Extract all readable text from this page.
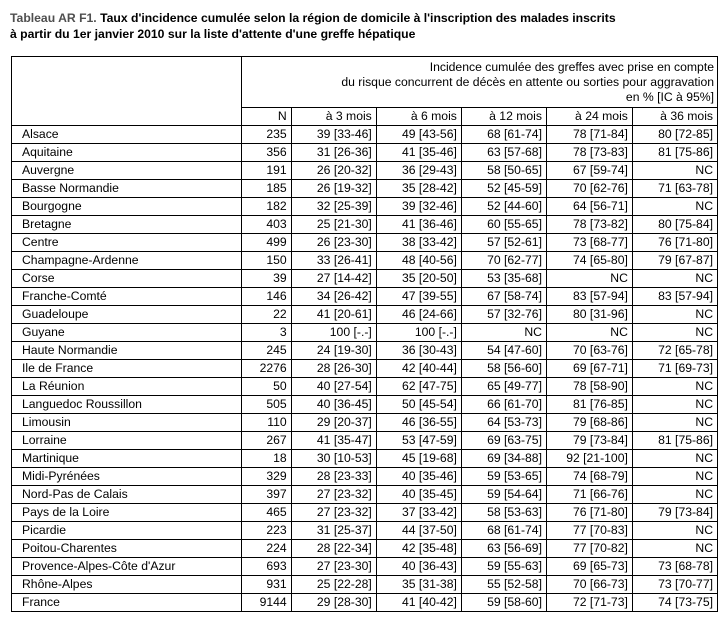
Tableau AR F1. Taux d'incidence cumulée selon la région de domicile à l'inscription des malades inscrits
à partir du 1er janvier 2010 sur la liste d'attente d'une greffe hépatique
	Incidence cumulée des greffes avec prise en compte
du risque concurrent de décès en attente ou sorties pour aggravation
en % [IC à 95%]					
	N	à 3 mois	à 6 mois	à 12 mois	à 24 mois	à 36 mois
Alsace	235	39 [33-46]	49 [43-56]	68 [61-74]	78 [71-84]	80 [72-85]
Aquitaine	356	31 [26-36]	41 [35-46]	63 [57-68]	78 [73-83]	81 [75-86]
Auvergne	191	26 [20-32]	36 [29-43]	58 [50-65]	67 [59-74]	NC
Basse Normandie	185	26 [19-32]	35 [28-42]	52 [45-59]	70 [62-76]	71 [63-78]
Bourgogne	182	32 [25-39]	39 [32-46]	52 [44-60]	64 [56-71]	NC
Bretagne	403	25 [21-30]	41 [36-46]	60 [55-65]	78 [73-82]	80 [75-84]
Centre	499	26 [23-30]	38 [33-42]	57 [52-61]	73 [68-77]	76 [71-80]
Champagne-Ardenne	150	33 [26-41]	48 [40-56]	70 [62-77]	74 [65-80]	79 [67-87]
Corse	39	27 [14-42]	35 [20-50]	53 [35-68]	NC	NC
Franche-Comté	146	34 [26-42]	47 [39-55]	67 [58-74]	83 [57-94]	83 [57-94]
Guadeloupe	22	41 [20-61]	46 [24-66]	57 [32-76]	80 [31-96]	NC
Guyane	3	100 [-.-]	100 [-.-]	NC	NC	NC
Haute Normandie	245	24 [19-30]	36 [30-43]	54 [47-60]	70 [63-76]	72 [65-78]
Ile de France	2276	28 [26-30]	42 [40-44]	58 [56-60]	69 [67-71]	71 [69-73]
La Réunion	50	40 [27-54]	62 [47-75]	65 [49-77]	78 [58-90]	NC
Languedoc Roussillon	505	40 [36-45]	50 [45-54]	66 [61-70]	81 [76-85]	NC
Limousin	110	29 [20-37]	46 [36-55]	64 [53-73]	79 [68-86]	NC
Lorraine	267	41 [35-47]	53 [47-59]	69 [63-75]	79 [73-84]	81 [75-86]
Martinique	18	30 [10-53]	45 [19-68]	69 [34-88]	92 [21-100]	NC
Midi-Pyrénées	329	28 [23-33]	40 [35-46]	59 [53-65]	74 [68-79]	NC
Nord-Pas de Calais	397	27 [23-32]	40 [35-45]	59 [54-64]	71 [66-76]	NC
Pays de la Loire	465	27 [23-32]	37 [33-42]	58 [53-63]	76 [71-80]	79 [73-84]
Picardie	223	31 [25-37]	44 [37-50]	68 [61-74]	77 [70-83]	NC
Poitou-Charentes	224	28 [22-34]	42 [35-48]	63 [56-69]	77 [70-82]	NC
Provence-Alpes-Côte d'Azur	693	27 [23-30]	40 [36-43]	59 [55-63]	69 [65-73]	73 [68-78]
Rhône-Alpes	931	25 [22-28]	35 [31-38]	55 [52-58]	70 [66-73]	73 [70-77]
France	9144	29 [28-30]	41 [40-42]	59 [58-60]	72 [71-73]	74 [73-75]
